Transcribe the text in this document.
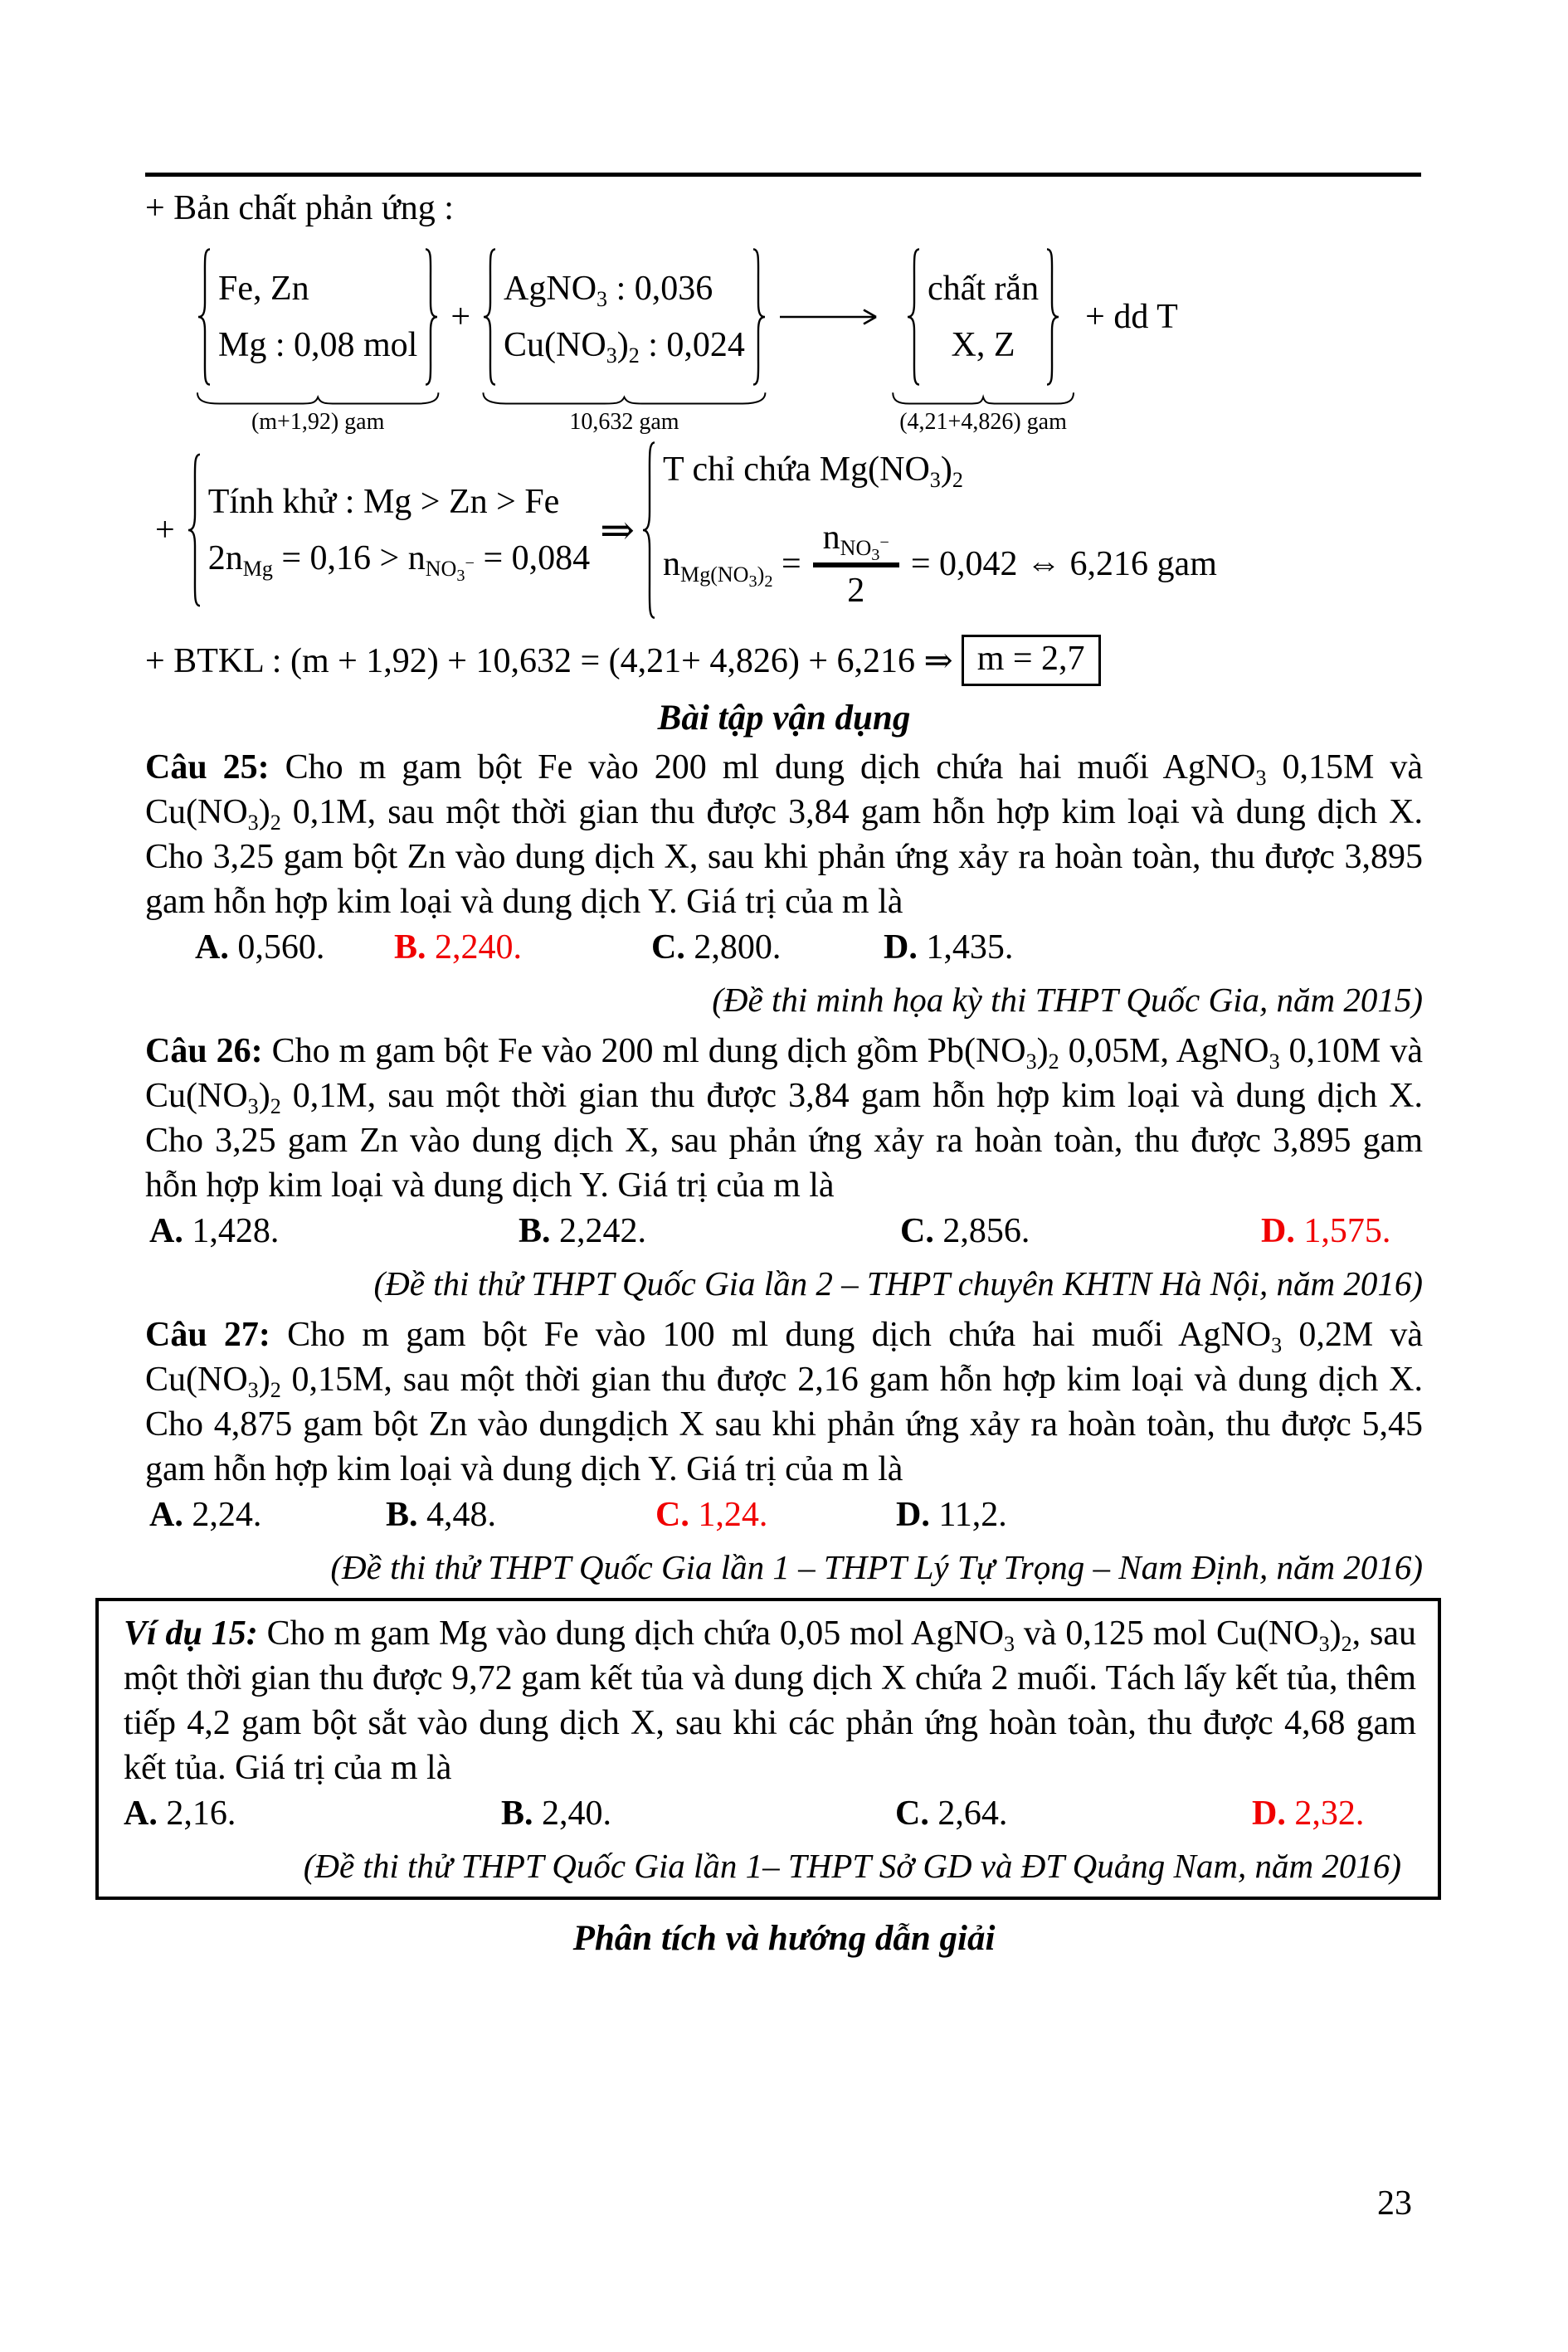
+ Bản chất phản ứng :
Fe, Zn
Mg : 0,08 mol
(m+1,92) gam
+
AgNO$_3$ : 0,036
$Cu(NO_3)_2$ : 0,024
10,632 gam
chất rắn
X, Z
(4,21+4,826) gam
+ dd T
+
Tính khử : Mg > Zn > Fe
$2n_{Mg} = 0,16 > n_{NO_3^-} = 0,084$
⇒
T chỉ chứa $Mg(NO_3)_2$
$n_{Mg(NO_3)_2} = \frac{n_{NO_3^-}}{2} = 0,042$ ⇔ 6,216 gam
+ BTKL : (m + 1,92) + 10,632 = (4,21+ 4,826) + 6,216 ⇒ m = 2,7
Bài tập vận dụng

Câu 25: Cho m gam bột Fe vào 200 ml dung dịch chứa hai muối AgNO$_3$ 0,15M và $Cu(NO_3)_2$ 0,1M, sau một thời gian thu được 3,84 gam hỗn hợp kim loại và dung dịch X. Cho 3,25 gam bột Zn vào dung dịch X, sau khi phản ứng xảy ra hoàn toàn, thu được 3,895 gam hỗn hợp kim loại và dung dịch Y. Giá trị của m là

A. 0,560. B. 2,240.	C. 2,800.	D. 1,435.
(Đề thi minh họa kỳ thi THPT Quốc Gia, năm 2015)

Câu 26: Cho m gam bột Fe vào 200 ml dung dịch gồm $Pb(NO_3)_2$ 0,05M, AgNO$_3$ 0,10M và $Cu(NO_3)_2$ 0,1M, sau một thời gian thu được 3,84 gam hỗn hợp kim loại và dung dịch X. Cho 3,25 gam Zn vào dung dịch X, sau phản ứng xảy ra hoàn toàn, thu được 3,895 gam hỗn hợp kim loại và dung dịch Y. Giá trị của m là

A. 1,428.	B. 2,242.	C. 2,856.	D. 1,575.
(Đề thi thử THPT Quốc Gia lần 2 – THPT chuyên KHTN Hà Nội, năm 2016)

Câu 27: Cho m gam bột Fe vào 100 ml dung dịch chứa hai muối AgNO$_3$ 0,2M và $Cu(NO_3)_2$ 0,15M, sau một thời gian thu được 2,16 gam hỗn hợp kim loại và dung dịch X. Cho 4,875 gam bột Zn vào dungdịch X sau khi phản ứng xảy ra hoàn toàn, thu được 5,45 gam hỗn hợp kim loại và dung dịch Y. Giá trị của m là

A. 2,24.	B. 4,48.	C. 1,24.	D. 11,2.
(Đề thi thử THPT Quốc Gia lần 1 – THPT Lý Tự Trọng – Nam Định, năm 2016)

Ví dụ 15: Cho m gam Mg vào dung dịch chứa 0,05 mol AgNO$_3$ và 0,125 mol $Cu(NO_3)_2$, sau một thời gian thu được 9,72 gam kết tủa và dung dịch X chứa 2 muối. Tách lấy kết tủa, thêm tiếp 4,2 gam bột sắt vào dung dịch X, sau khi các phản ứng hoàn toàn, thu được 4,68 gam kết tủa. Giá trị của m là

A. 2,16.	B. 2,40.	C. 2,64.	D. 2,32.
(Đề thi thử THPT Quốc Gia lần 1– THPT Sở GD và ĐT Quảng Nam, năm 2016)
Phân tích và hướng dẫn giải
23
